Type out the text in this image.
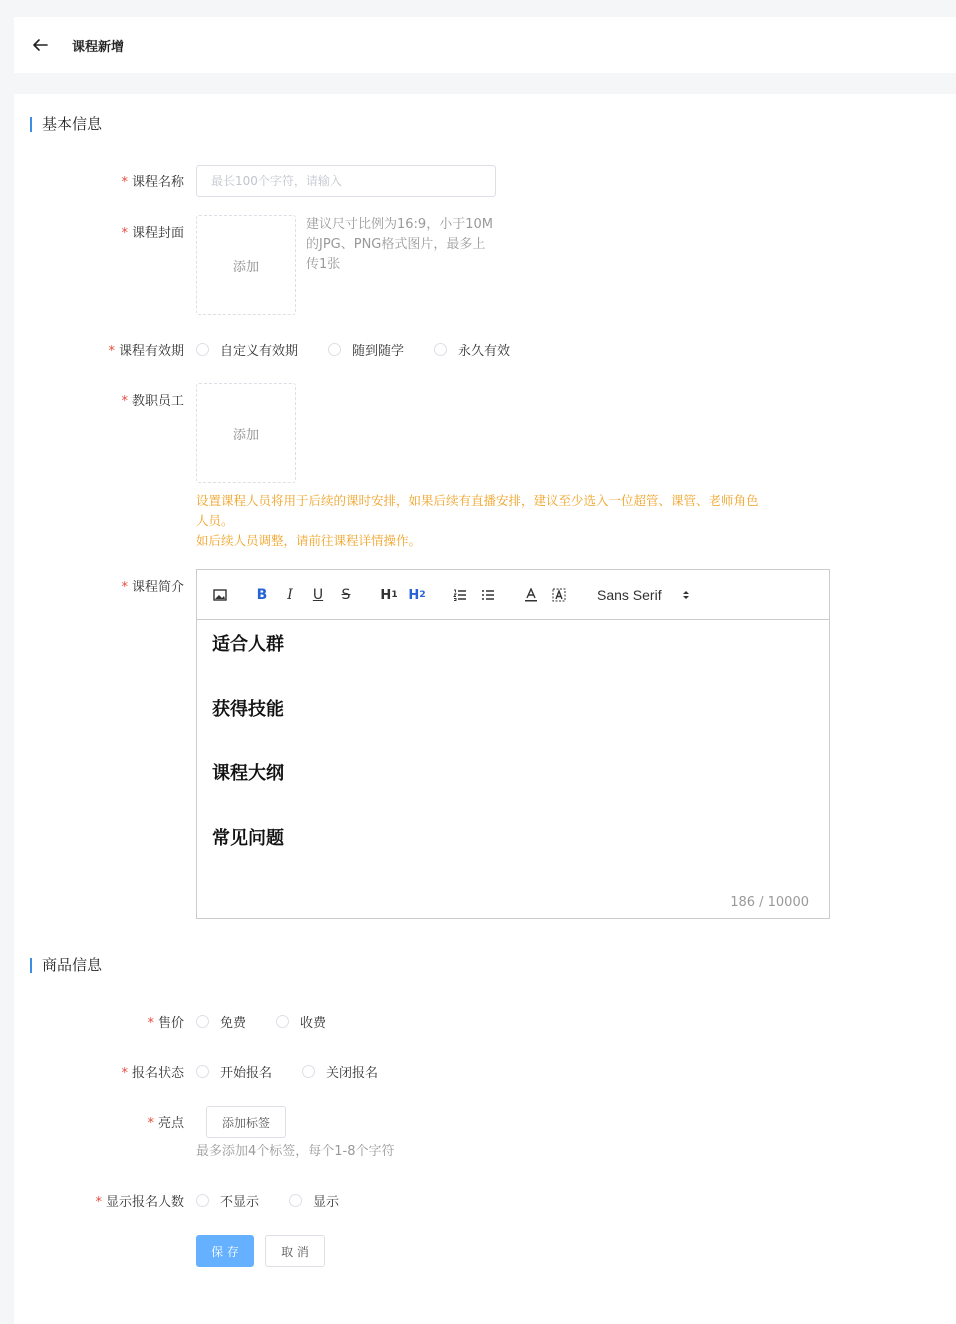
课程新增
基本信息
* 课程名称
最长100个字符，请输入
* 课程封面
添加
建议尺寸比例为16:9，小于10M
的JPG、PNG格式图片，最多上
传1张
* 课程有效期	自定义有效期	随到随学	永久有效
* 教职员工
添加
设置课程人员将用于后续的课时安排，如果后续有直播安排，建议至少选入一位超管、课管、老师角色
人员。
如后续人员调整，请前往课程详情操作。
* 课程简介	B	I	U S H 1 H 2	Sans Serif
适合人群
获得技能
课程大纲
常见问题
186 / 10000
商品信息
* 售价	免费	收费
* 报名状态	开始报名	关闭报名
* 亮点	添加标签
最多添加4个标签，每个1-8个字符
* 显示报名人数	不显示	显示
保 存	取 消
